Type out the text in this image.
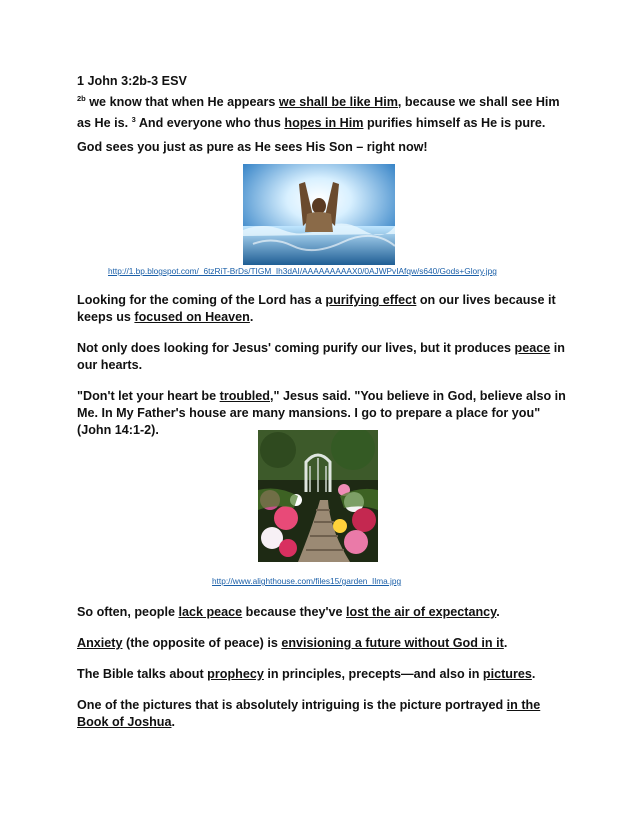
1 John 3:2b-3 ESV

$^{2b}$ we know that when He appears we shall be like Him, because we shall see Him as He is. $^3$ And everyone who thus hopes in Him purifies himself as He is pure.

God sees you just as pure as He sees His Son – right now!

http://1.bp.blogspot.com/_6tzRiT-BrDs/TIGM_Ih3dAI/AAAAAAAAAX0/0AJWPvIAfqw/s640/Gods+Glory.jpg

Looking for the coming of the Lord has a purifying effect on our lives because it keeps us focused on Heaven.

Not only does looking for Jesus' coming purify our lives, but it produces peace in our hearts.

"Don't let your heart be troubled," Jesus said. "You believe in God, believe also in Me. In My Father's house are many mansions. I go to prepare a place for you" (John 14:1-2).

http://www.alighthouse.com/files15/garden_Ilma.jpg

So often, people lack peace because they've lost the air of expectancy.

Anxiety (the opposite of peace) is envisioning a future without God in it.

The Bible talks about prophecy in principles, precepts—and also in pictures.

One of the pictures that is absolutely intriguing is the picture portrayed in the Book of Joshua.
